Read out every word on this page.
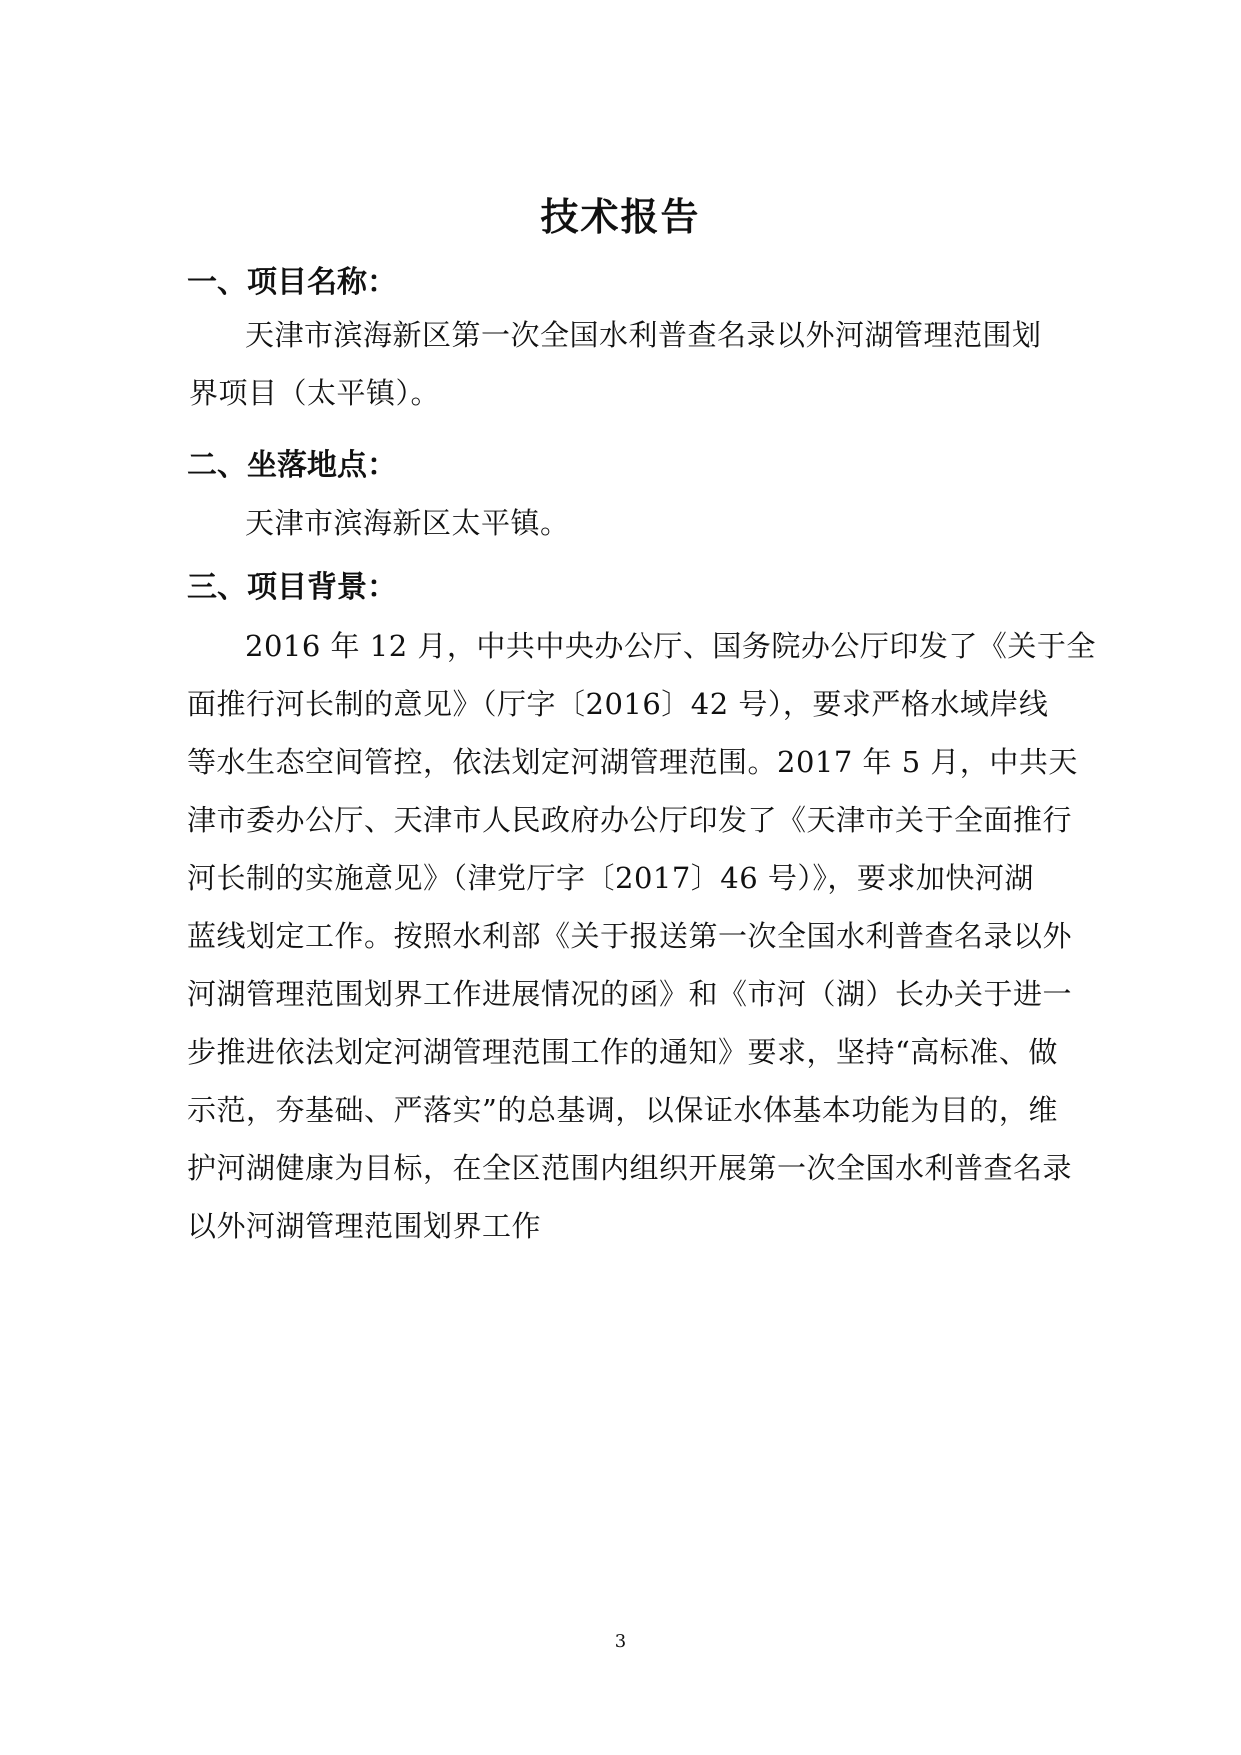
技术报告
一、项目名称：
天津市滨海新区第一次全国水利普查名录以外河湖管理范围划
界项目（太平镇）。
二、坐落地点：
天津市滨海新区太平镇。
三、项目背景：
2016 年 12 月，中共中央办公厅、国务院办公厅印发了《关于全
面推行河长制的意见》（厅字〔2016〕42 号），要求严格水域岸线
等水生态空间管控，依法划定河湖管理范围。2017 年 5 月，中共天
津市委办公厅、天津市人民政府办公厅印发了《天津市关于全面推行
河长制的实施意见》（津党厅字〔2017〕46 号）》，要求加快河湖
蓝线划定工作。按照水利部《关于报送第一次全国水利普查名录以外
河湖管理范围划界工作进展情况的函》和《市河（湖）长办关于进一
步推进依法划定河湖管理范围工作的通知》要求，坚持“高标准、做
示范，夯基础、严落实”的总基调，以保证水体基本功能为目的，维
护河湖健康为目标，在全区范围内组织开展第一次全国水利普查名录
以外河湖管理范围划界工作
3
